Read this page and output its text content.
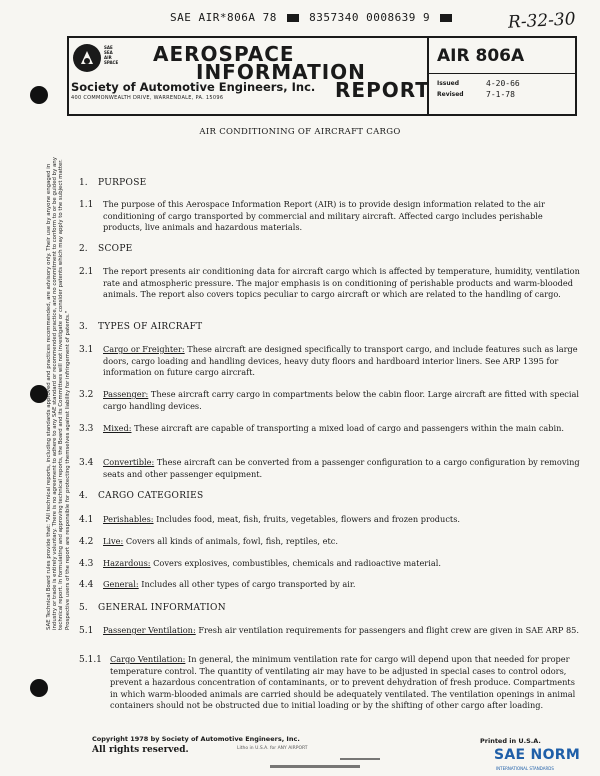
SAE AIR*806A 78	8357340 0008639 9	R-32-30
SAE
SEA
AIR
SPACE AEROSPACE
INFORMATION
REPORT
Society of Automotive Engineers, Inc.
400 COMMONWEALTH DRIVE, WARRENDALE, PA. 15096
AIR 806A
Issued	4-20-66
Revised	7-1-78
SAE Technical Board rules provide that: "All technical reports, including standards approved and practices recommended, are advisory only. Their use by anyone engaged in industry or trade is entirely voluntary. There is no agreement to adhere to any SAE standard or recommended practice, and no commitment to conform to or be guided by any technical report. In formulating and approving technical reports, the Board and its Committees will not investigate or consider patents which may apply to the subject matter. Prospective users of the report are responsible for protecting themselves against liability for infringement of patents."
AIR CONDITIONING OF AIRCRAFT CARGO
1. PURPOSE
1.1 The purpose of this Aerospace Information Report (AIR) is to provide design information related to the air conditioning of cargo transported by commercial and military aircraft. Affected cargo includes perishable products, live animals and hazardous materials.
2. SCOPE
2.1 The report presents air conditioning data for aircraft cargo which is affected by temperature, humidity, ventilation rate and atmospheric pressure. The major emphasis is on conditioning of perishable products and warm-blooded animals. The report also covers topics peculiar to cargo aircraft or which are related to the handling of cargo.
3. TYPES OF AIRCRAFT
3.1 Cargo or Freighter: These aircraft are designed specifically to transport cargo, and include features such as large doors, cargo loading and handling devices, heavy duty floors and hardboard interior liners. See ARP 1395 for information on future cargo aircraft.
3.2 Passenger: These aircraft carry cargo in compartments below the cabin floor. Large aircraft are fitted with special cargo handling devices.
3.3 Mixed: These aircraft are capable of transporting a mixed load of cargo and passengers within the main cabin.
3.4 Convertible: These aircraft can be converted from a passenger configuration to a cargo configuration by removing seats and other passenger equipment.
4. CARGO CATEGORIES
4.1 Perishables: Includes food, meat, fish, fruits, vegetables, flowers and frozen products.
4.2 Live: Covers all kinds of animals, fowl, fish, reptiles, etc.
4.3 Hazardous: Covers explosives, combustibles, chemicals and radioactive material.
4.4 General: Includes all other types of cargo transported by air.
5. GENERAL INFORMATION
5.1 Passenger Ventilation: Fresh air ventilation requirements for passengers and flight crew are given in SAE ARP 85.
5.1.1 Cargo Ventilation: In general, the minimum ventilation rate for cargo will depend upon that needed for proper temperature control. The quantity of ventilating air may have to be adjusted in special cases to control odors, prevent a hazardous concentration of contaminants, or to prevent dehydration of fresh produce. Compartments in which warm-blooded animals are carried should be adequately ventilated. The ventilation openings in animal containers should not be obstructed due to initial loading or by the shifting of other cargo after loading.
Copyright 1978 by Society of Automotive Engineers, Inc.
All rights reserved.	Litho in U.S.A. for ANY AIRPORT
Printed in U.S.A.
SAE NORM
INTERNATIONAL STANDARDS
